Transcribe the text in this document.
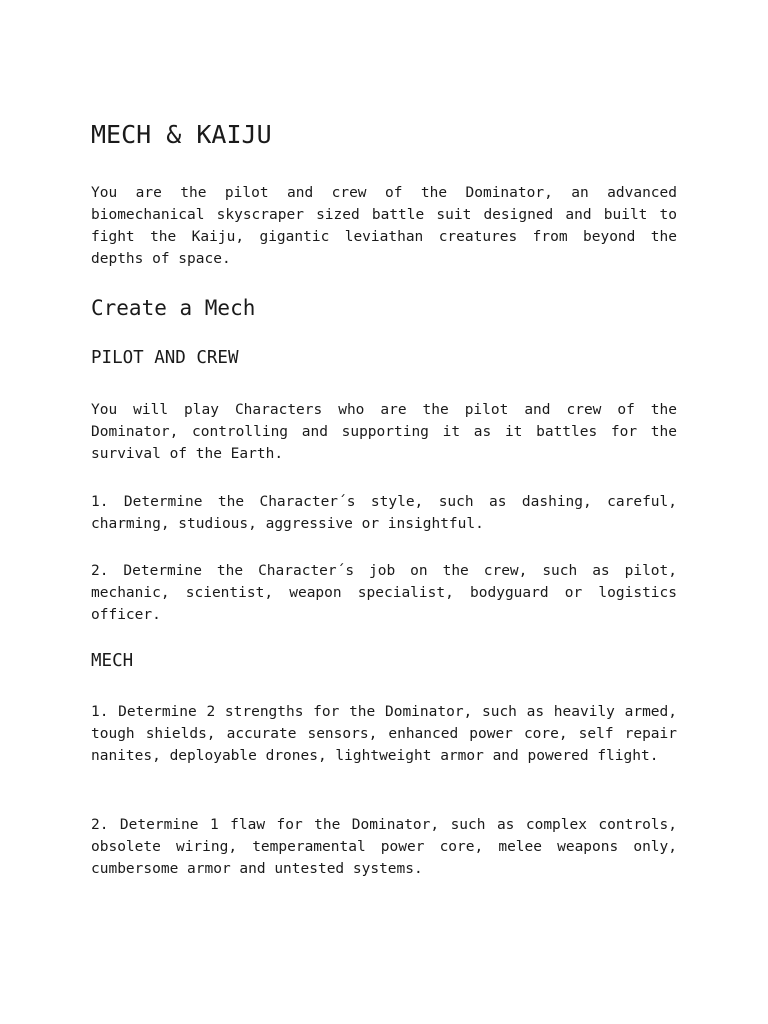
MECH & KAIJU

You are the pilot and crew of the Dominator, an advanced biomechanical skyscraper sized battle suit designed and built to fight the Kaiju, gigantic leviathan creatures from beyond the depths of space.

Create a Mech
PILOT AND CREW

You will play Characters who are the pilot and crew of the Dominator, controlling and supporting it as it battles for the survival of the Earth.

1. Determine the Character´s style, such as dashing, careful, charming, studious, aggressive or insightful.

2. Determine the Character´s job on the crew, such as pilot, mechanic, scientist, weapon specialist, bodyguard or logistics officer.

MECH

1. Determine 2 strengths for the Dominator, such as heavily armed, tough shields, accurate sensors, enhanced power core, self repair nanites, deployable drones, lightweight armor and powered flight.

2. Determine 1 flaw for the Dominator, such as complex controls, obsolete wiring, temperamental power core, melee weapons only, cumbersome armor and untested systems.
